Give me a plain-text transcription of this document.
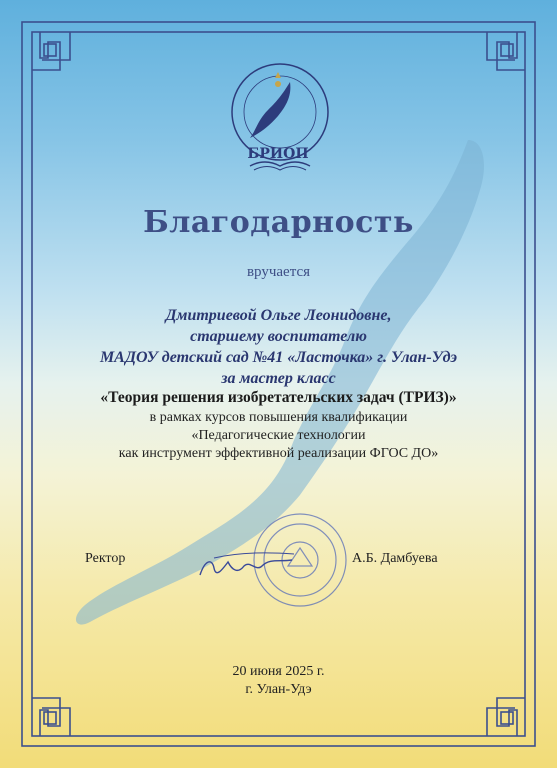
БРИОП
Благодарность
вручается
Дмитриевой Ольге Леонидовне,
старшему воспитателю
МАДОУ детский сад №41 «Ласточка» г. Улан-Удэ
за мастер класс
«Теория решения изобретательских задач (ТРИЗ)»
в рамках курсов повышения квалификации
«Педагогические технологии
как инструмент эффективной реализации ФГОС ДО»
Ректор	А.Б. Дамбуева
20 июня 2025 г.
г. Улан-Удэ
